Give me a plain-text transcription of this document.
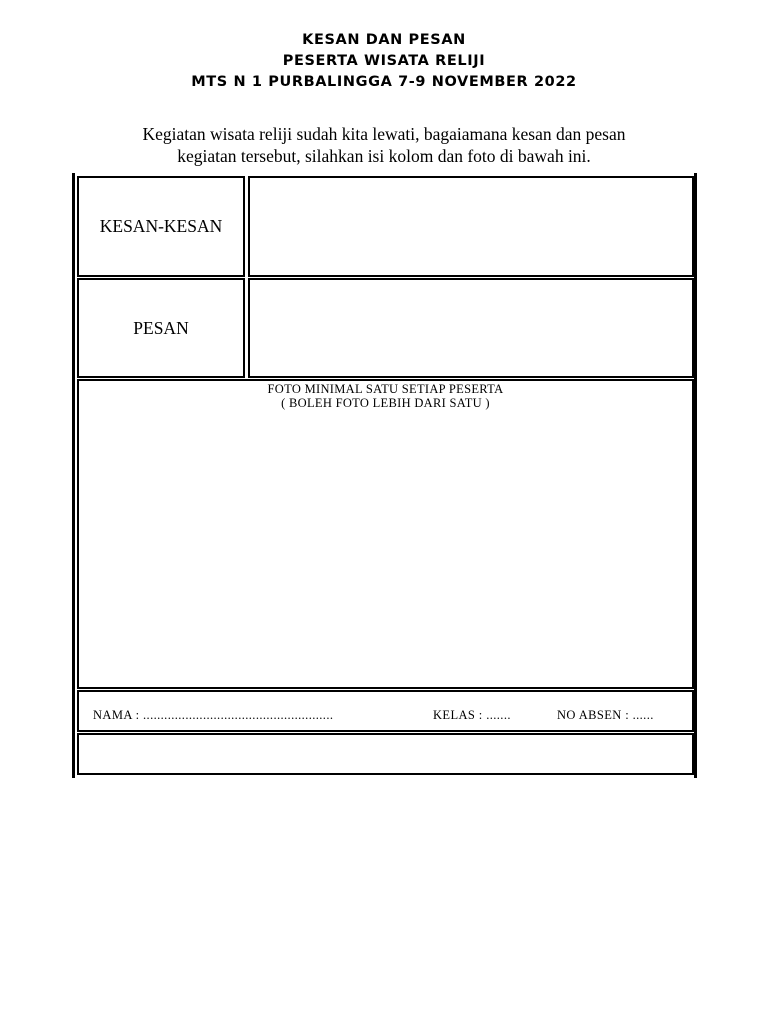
KESAN DAN PESAN
PESERTA WISATA RELIJI
MTS N 1 PURBALINGGA 7-9 NOVEMBER 2022
Kegiatan wisata reliji sudah kita lewati, bagaiamana kesan dan pesan
kegiatan tersebut, silahkan isi kolom dan foto di bawah ini.
KESAN-KESAN
PESAN
FOTO MINIMAL SATU SETIAP PESERTA
( BOLEH FOTO LEBIH DARI SATU )
NAMA : ......................................................	KELAS : .......	NO ABSEN : ......
